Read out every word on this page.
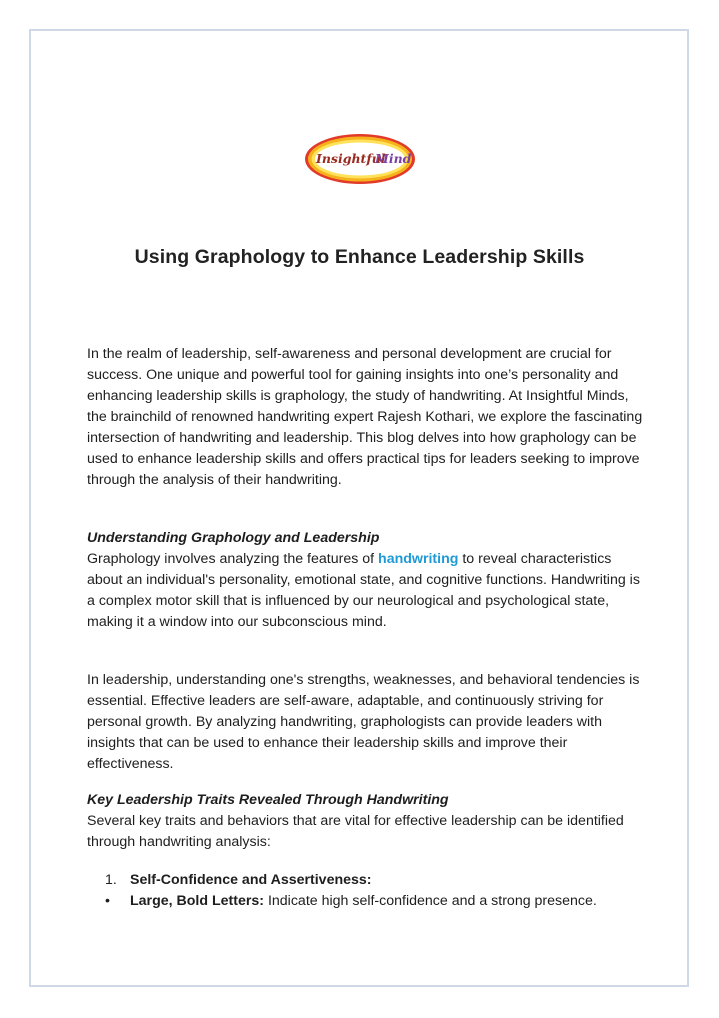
Insightful
Mind
Using Graphology to Enhance Leadership Skills

In the realm of leadership, self-awareness and personal development are crucial for success. One unique and powerful tool for gaining insights into one’s personality and enhancing leadership skills is graphology, the study of handwriting. At Insightful Minds, the brainchild of renowned handwriting expert Rajesh Kothari, we explore the fascinating intersection of handwriting and leadership. This blog delves into how graphology can be used to enhance leadership skills and offers practical tips for leaders seeking to improve through the analysis of their handwriting.

Understanding Graphology and Leadership

Graphology involves analyzing the features of handwriting to reveal characteristics about an individual's personality, emotional state, and cognitive functions. Handwriting is a complex motor skill that is influenced by our neurological and psychological state, making it a window into our subconscious mind.

In leadership, understanding one's strengths, weaknesses, and behavioral tendencies is essential. Effective leaders are self-aware, adaptable, and continuously striving for personal growth. By analyzing handwriting, graphologists can provide leaders with insights that can be used to enhance their leadership skills and improve their effectiveness.

Key Leadership Traits Revealed Through Handwriting

Several key traits and behaviors that are vital for effective leadership can be identified through handwriting analysis:

1. Self-Confidence and Assertiveness:
• Large, Bold Letters: Indicate high self-confidence and a strong presence.
